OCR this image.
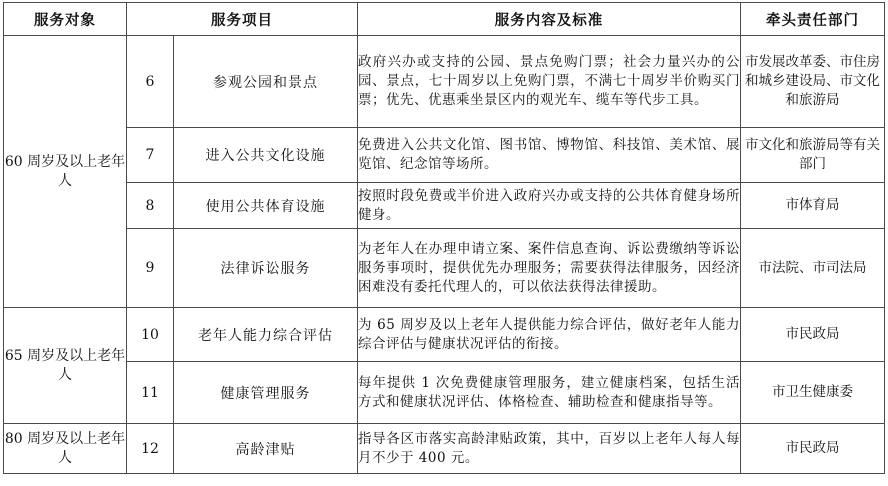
服务对象	服务项目		服务内容及标准	牵头责任部门
60 周岁及以上老年人	6	参观公园和景点	政府兴办或支持的公园、景点免购门票；社会力量兴办的公园、景点，七十周岁以上免购门票，不满七十周岁半价购买门票；优先、优惠乘坐景区内的观光车、缆车等代步工具。	市发展改革委、市住房和城乡建设局、市文化和旅游局
	7	进入公共文化设施	免费进入公共文化馆、图书馆、博物馆、科技馆、美术馆、展览馆、纪念馆等场所。	市文化和旅游局等有关部门
	8	使用公共体育设施	按照时段免费或半价进入政府兴办或支持的公共体育健身场所健身。	市体育局
	9	法律诉讼服务	为老年人在办理申请立案、案件信息查询、诉讼费缴纳等诉讼服务事项时，提供优先办理服务；需要获得法律服务，因经济困难没有委托代理人的，可以依法获得法律援助。	市法院、市司法局
65 周岁及以上老年人	10	老年人能力综合评估	为 65 周岁及以上老年人提供能力综合评估，做好老年人能力综合评估与健康状况评估的衔接。	市民政局
	11	健康管理服务	每年提供 1 次免费健康管理服务，建立健康档案，包括生活方式和健康状况评估、体格检查、辅助检查和健康指导等。	市卫生健康委
80 周岁及以上老年人	12	高龄津贴	指导各区市落实高龄津贴政策，其中，百岁以上老年人每人每月不少于 400 元。	市民政局
